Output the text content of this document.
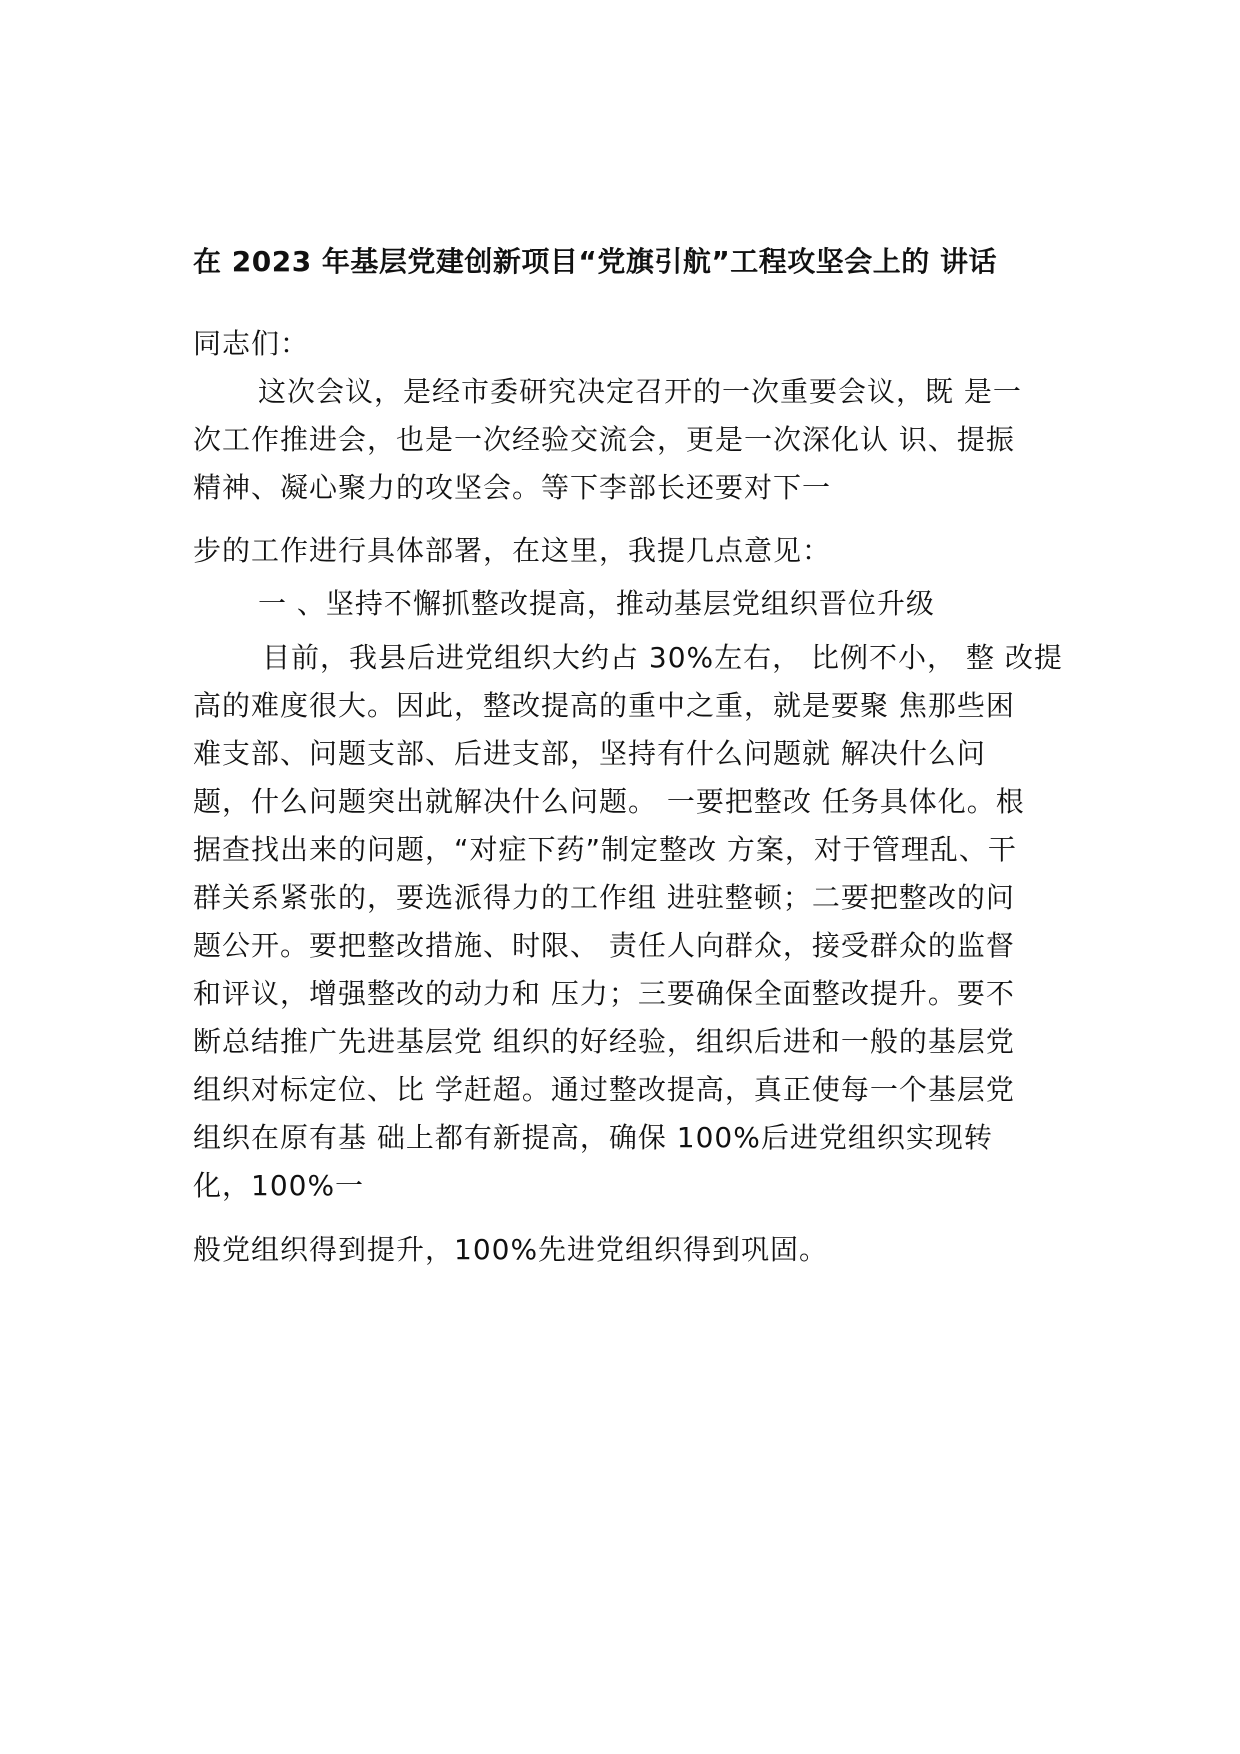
在 2023 年基层党建创新项目“党旗引航”工程攻坚会上的 讲话
同志们：
这次会议，是经市委研究决定召开的一次重要会议，既 是一
次工作推进会，也是一次经验交流会，更是一次深化认 识、提振
精神、凝心聚力的攻坚会。等下李部长还要对下一
步的工作进行具体部署，在这里，我提几点意见：
一 、坚持不懈抓整改提高，推动基层党组织晋位升级
目前，我县后进党组织大约占 30%左右， 比例不小， 整 改提
高的难度很大。因此，整改提高的重中之重，就是要聚 焦那些困
难支部、问题支部、后进支部，坚持有什么问题就 解决什么问
题，什么问题突出就解决什么问题。 一要把整改 任务具体化。根
据查找出来的问题，“对症下药”制定整改 方案，对于管理乱、干
群关系紧张的，要选派得力的工作组 进驻整顿；二要把整改的问
题公开。要把整改措施、时限、 责任人向群众，接受群众的监督
和评议，增强整改的动力和 压力；三要确保全面整改提升。要不
断总结推广先进基层党 组织的好经验，组织后进和一般的基层党
组织对标定位、比 学赶超。通过整改提高，真正使每一个基层党
组织在原有基 础上都有新提高，确保 100%后进党组织实现转
化，100%一
般党组织得到提升，100%先进党组织得到巩固。
